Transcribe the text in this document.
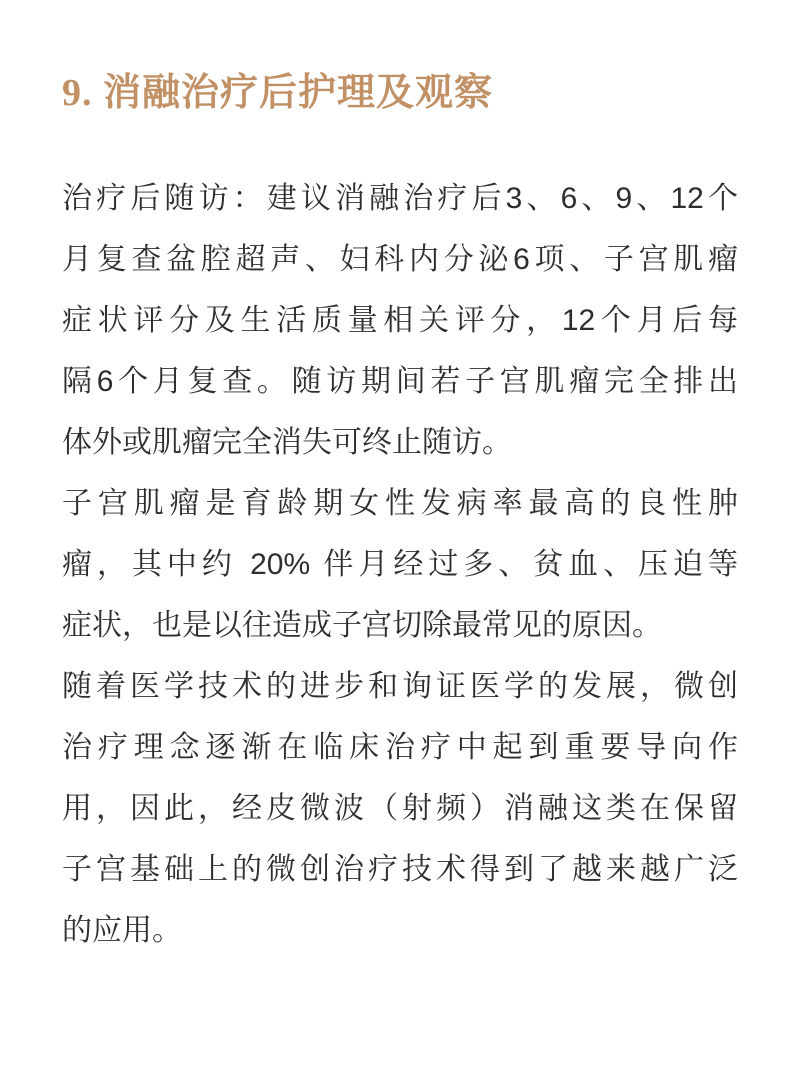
9. 消融治疗后护理及观察
治疗后随访：建议消融治疗后3、6、9、12个
月复查盆腔超声、妇科内分泌6项、子宫肌瘤
症状评分及生活质量相关评分，12个月后每
隔6个月复查。随访期间若子宫肌瘤完全排出
体外或肌瘤完全消失可终止随访。
子宫肌瘤是育龄期女性发病率最高的良性肿
瘤，其中约 20% 伴月经过多、贫血、压迫等
症状，也是以往造成子宫切除最常见的原因。
随着医学技术的进步和询证医学的发展，微创
治疗理念逐渐在临床治疗中起到重要导向作
用，因此，经皮微波（射频）消融这类在保留
子宫基础上的微创治疗技术得到了越来越广泛
的应用。
